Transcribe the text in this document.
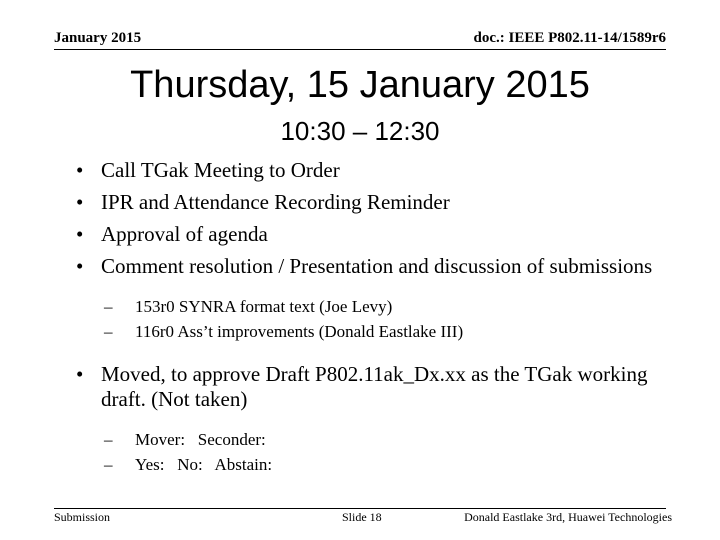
January 2015	doc.: IEEE P802.11-14/1589r6
Thursday, 15 January 2015
10:30 – 12:30
• Call TGak Meeting to Order
• IPR and Attendance Recording Reminder
• Approval of agenda
• Comment resolution / Presentation and discussion of submissions
– 153r0 SYNRA format text (Joe Levy)
– 116r0 Ass’t improvements (Donald Eastlake III)
• Moved, to approve Draft P802.11ak_Dx.xx as the TGak working draft. (Not taken)
– Mover:   Seconder:
– Yes:   No:   Abstain:
Submission	Slide 18	Donald Eastlake 3rd, Huawei Technologies
